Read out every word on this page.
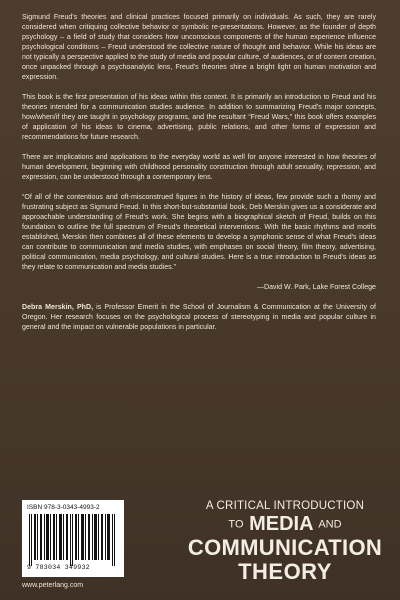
Sigmund Freud's theories and clinical practices focused primarily on individuals. As such, they are rarely considered when critiquing collective behavior or symbolic re-presentations. However, as the founder of depth psychology – a field of study that considers how unconscious components of the human experience influence psychological conditions – Freud understood the collective nature of thought and behavior. While his ideas are not typically a perspective applied to the study of media and popular culture, of audiences, or of content creation, once unpacked through a psychoanalytic lens, Freud's theories shine a bright light on human motivation and expression.

This book is the first presentation of his ideas within this context. It is primarily an introduction to Freud and his theories intended for a communication studies audience. In addition to summarizing Freud's major concepts, how/when/if they are taught in psychology programs, and the resultant “Freud Wars,” this book offers examples of application of his ideas to cinema, advertising, public relations, and other forms of expression and recommendations for future research.

There are implications and applications to the everyday world as well for anyone interested in how theories of human development, beginning with childhood personality construction through adult sexuality, repression, and expression, can be understood through a contemporary lens.

“Of all of the contentious and oft-misconstrued figures in the history of ideas, few provide such a thorny and frustrating subject as Sigmund Freud. In this short-but-substantial book, Deb Merskin gives us a considerate and approachable understanding of Freud's work. She begins with a biographical sketch of Freud, builds on this foundation to outline the full spectrum of Freud's theoretical interventions. With the basic rhythms and motifs established, Merskin then combines all of these elements to develop a symphonic sense of what Freud's ideas can contribute to communication and media studies, with emphases on social theory, film theory, advertising, political communication, media psychology, and cultural studies. Here is a true introduction to Freud's ideas as they relate to communication and media studies.”

—David W. Park, Lake Forest College

Debra Merskin, PhD, is Professor Emerit in the School of Journalism & Communication at the University of Oregon. Her research focuses on the psychological process of stereotyping in media and popular culture in general and the impact on vulnerable populations in particular.

ISBN 978-3-0343-4993-2
9 783034 349932
www.peterlang.com
A CRITICAL INTRODUCTION
TO MEDIA AND
COMMUNICATION
THEORY
